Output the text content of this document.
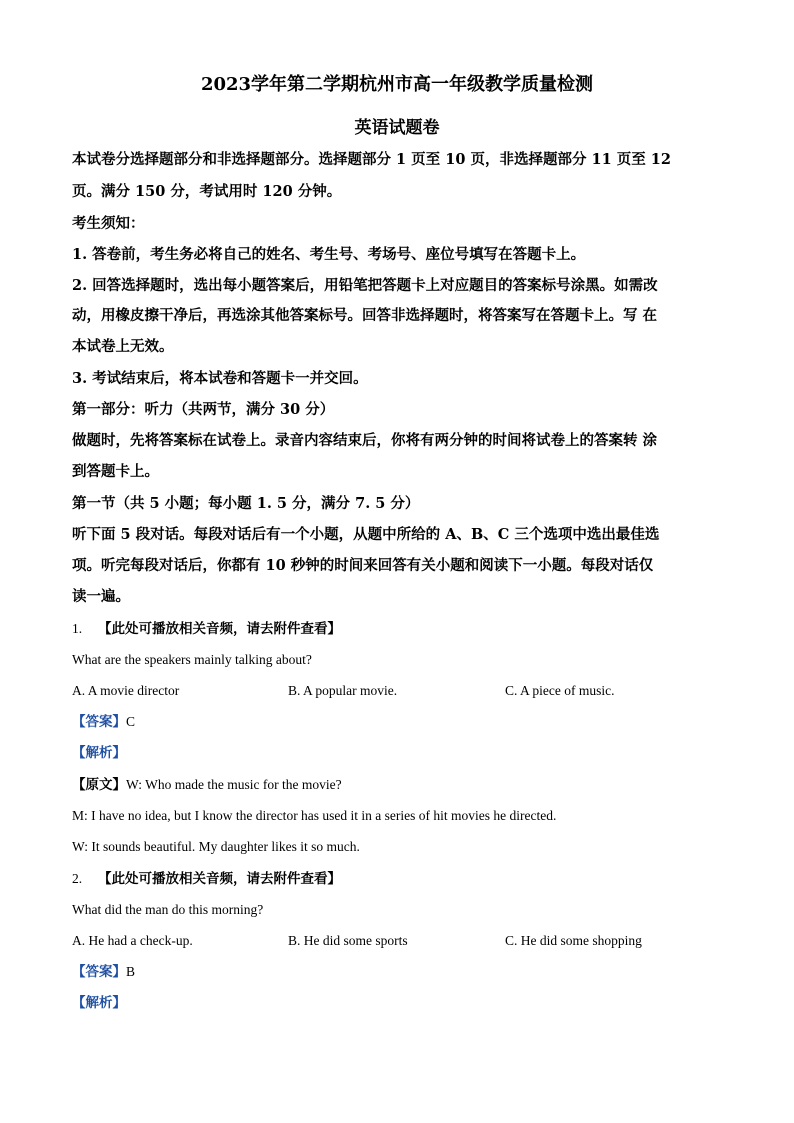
2023学年第二学期杭州市高一年级教学质量检测
英语试题卷
本试卷分选择题部分和非选择题部分。选择题部分 1 页至 10 页，非选择题部分 11 页至 12
页。满分 150 分，考试用时 120 分钟。
考生须知：
1. 答卷前，考生务必将自己的姓名、考生号、考场号、座位号填写在答题卡上。
2. 回答选择题时，选出每小题答案后，用铅笔把答题卡上对应题目的答案标号涂黑。如需改
动，用橡皮擦干净后，再选涂其他答案标号。回答非选择题时，将答案写在答题卡上。写 在
本试卷上无效。
3. 考试结束后，将本试卷和答题卡一并交回。
第一部分：听力（共两节，满分 30 分）
做题时，先将答案标在试卷上。录音内容结束后，你将有两分钟的时间将试卷上的答案转 涂
到答题卡上。
第一节（共 5 小题；每小题 1. 5 分，满分 7. 5 分）
听下面 5 段对话。每段对话后有一个小题，从题中所给的 A、B、C 三个选项中选出最佳选
项。听完每段对话后，你都有 10 秒钟的时间来回答有关小题和阅读下一小题。每段对话仅
读一遍。
1. 【此处可播放相关音频，请去附件查看】
What are the speakers mainly talking about?
A. A movie director	B. A popular movie.	C. A piece of music.
【答案】C
【解析】
【原文】W: Who made the music for the movie?
M: I have no idea, but I know the director has used it in a series of hit movies he directed.
W: It sounds beautiful. My daughter likes it so much.
2. 【此处可播放相关音频，请去附件查看】
What did the man do this morning?
A. He had a check-up.	B. He did some sports	C. He did some shopping
【答案】B
【解析】
